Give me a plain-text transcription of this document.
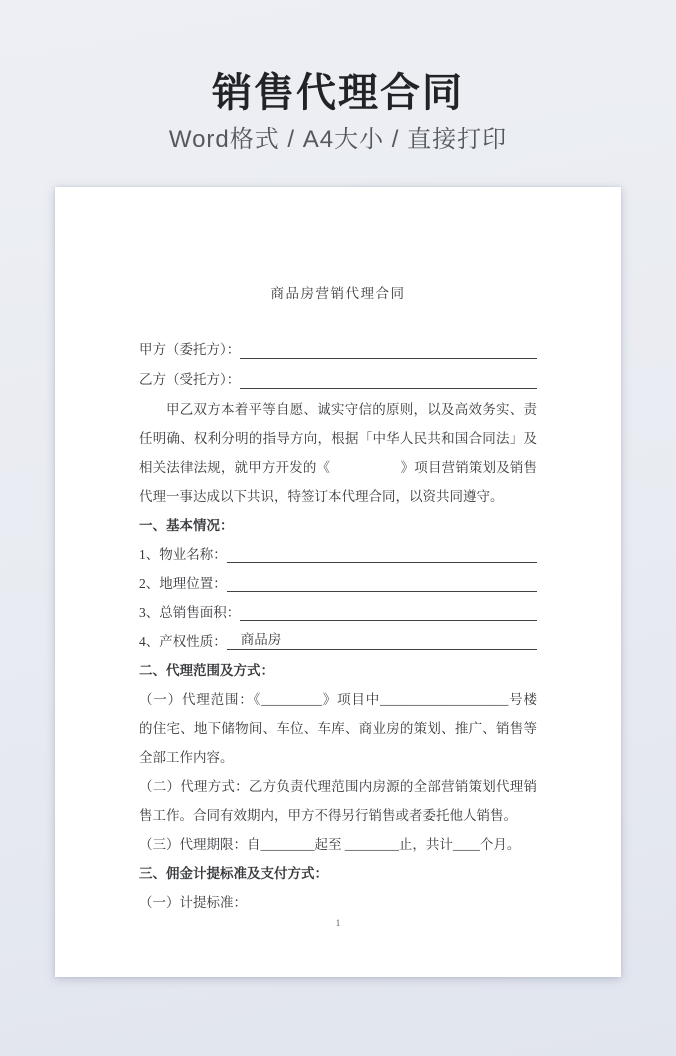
销售代理合同

Word格式 / A4大小 / 直接打印

商品房营销代理合同
甲方（委托方）：
乙方（受托方）：

甲乙双方本着平等自愿、诚实守信的原则，以及高效务实、责任明确、权利分明的指导方向，根据「中华人民共和国合同法」及相关法律法规，就甲方开发的《                    》项目营销策划及销售代理一事达成以下共识，特签订本代理合同，以资共同遵守。

一、基本情况：
1、物业名称：
2、地理位置：
3、总销售面积：
4、产权性质： 商品房
二、代理范围及方式：

（一）代理范围：《_________》项目中___________________号楼的住宅、地下储物间、车位、车库、商业房的策划、推广、销售等全部工作内容。

（二）代理方式：乙方负责代理范围内房源的全部营销策划代理销售工作。合同有效期内，甲方不得另行销售或者委托他人销售。

（三）代理期限：自________起至 ________止，共计____个月。

三、佣金计提标准及支付方式：

（一）计提标准：

1
